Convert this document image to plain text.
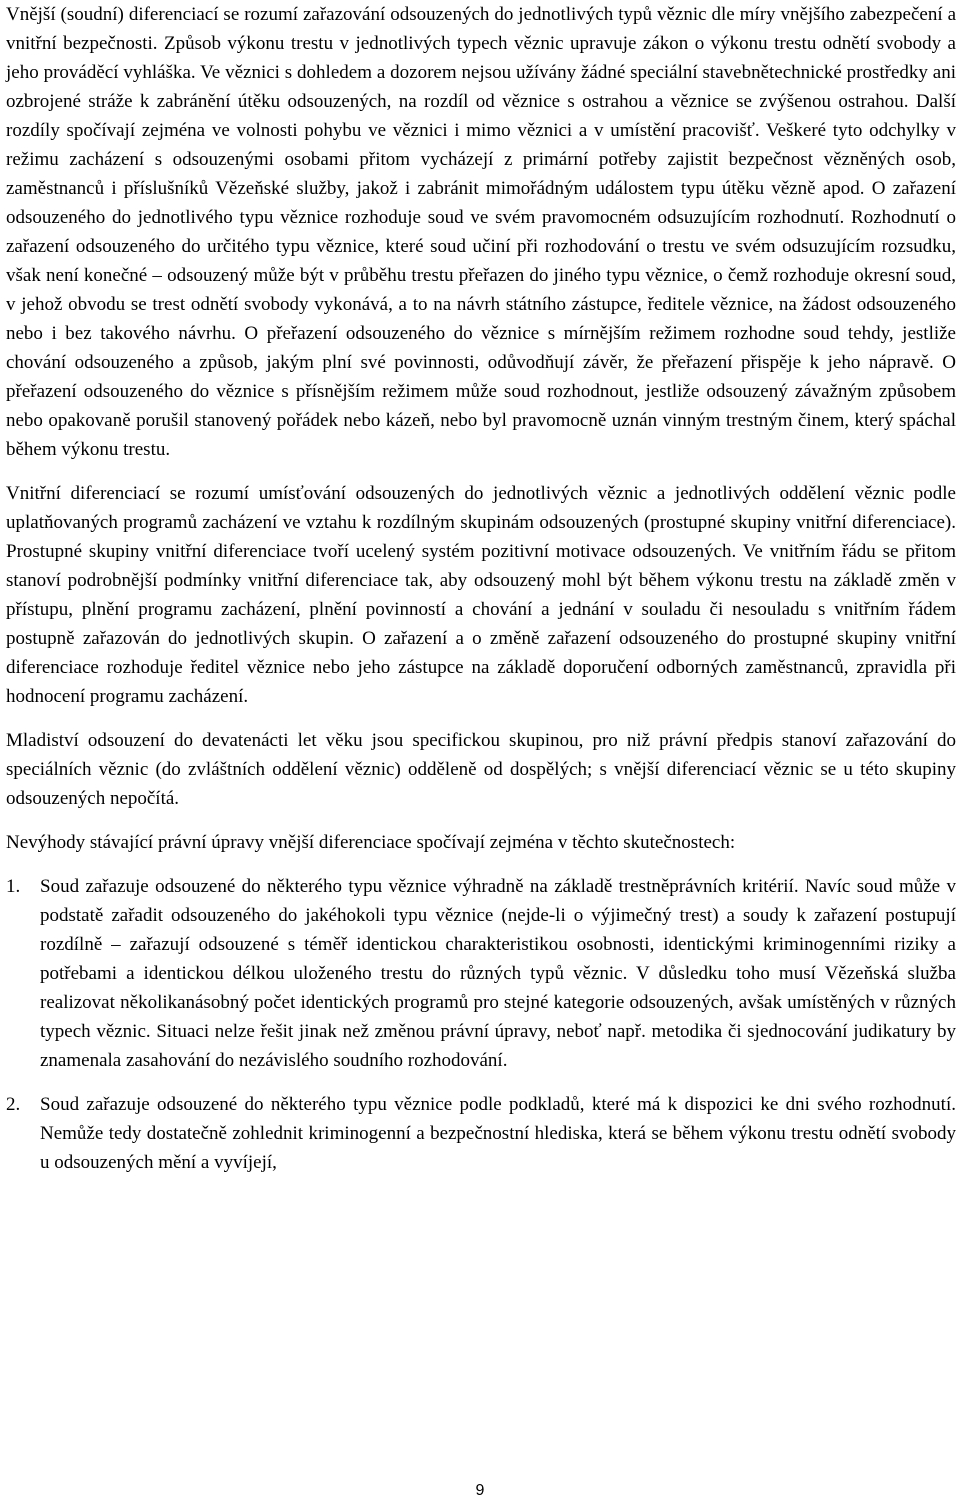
Vnější (soudní) diferenciací se rozumí zařazování odsouzených do jednotlivých typů věznic dle míry vnějšího zabezpečení a vnitřní bezpečnosti. Způsob výkonu trestu v jednotlivých typech věznic upravuje zákon o výkonu trestu odnětí svobody a jeho prováděcí vyhláška. Ve věznici s dohledem a dozorem nejsou užívány žádné speciální stavebnětechnické prostředky ani ozbrojené stráže k zabránění útěku odsouzených, na rozdíl od věznice s ostrahou a věznice se zvýšenou ostrahou. Další rozdíly spočívají zejména ve volnosti pohybu ve věznici i mimo věznici a v umístění pracovišť. Veškeré tyto odchylky v režimu zacházení s odsouzenými osobami přitom vycházejí z primární potřeby zajistit bezpečnost vězněných osob, zaměstnanců i příslušníků Vězeňské služby, jakož i zabránit mimořádným událostem typu útěku vězně apod. O zařazení odsouzeného do jednotlivého typu věznice rozhoduje soud ve svém pravomocném odsuzujícím rozhodnutí. Rozhodnutí o zařazení odsouzeného do určitého typu věznice, které soud učiní při rozhodování o trestu ve svém odsuzujícím rozsudku, však není konečné – odsouzený může být v průběhu trestu přeřazen do jiného typu věznice, o čemž rozhoduje okresní soud, v jehož obvodu se trest odnětí svobody vykonává, a to na návrh státního zástupce, ředitele věznice, na žádost odsouzeného nebo i bez takového návrhu. O přeřazení odsouzeného do věznice s mírnějším režimem rozhodne soud tehdy, jestliže chování odsouzeného a způsob, jakým plní své povinnosti, odůvodňují závěr, že přeřazení přispěje k jeho nápravě. O přeřazení odsouzeného do věznice s přísnějším režimem může soud rozhodnout, jestliže odsouzený závažným způsobem nebo opakovaně porušil stanovený pořádek nebo kázeň, nebo byl pravomocně uznán vinným trestným činem, který spáchal během výkonu trestu.

Vnitřní diferenciací se rozumí umísťování odsouzených do jednotlivých věznic a jednotlivých oddělení věznic podle uplatňovaných programů zacházení ve vztahu k rozdílným skupinám odsouzených (prostupné skupiny vnitřní diferenciace). Prostupné skupiny vnitřní diferenciace tvoří ucelený systém pozitivní motivace odsouzených. Ve vnitřním řádu se přitom stanoví podrobnější podmínky vnitřní diferenciace tak, aby odsouzený mohl být během výkonu trestu na základě změn v přístupu, plnění programu zacházení, plnění povinností a chování a jednání v souladu či nesouladu s vnitřním řádem postupně zařazován do jednotlivých skupin. O zařazení a o změně zařazení odsouzeného do prostupné skupiny vnitřní diferenciace rozhoduje ředitel věznice nebo jeho zástupce na základě doporučení odborných zaměstnanců, zpravidla při hodnocení programu zacházení.

Mladiství odsouzení do devatenácti let věku jsou specifickou skupinou, pro niž právní předpis stanoví zařazování do speciálních věznic (do zvláštních oddělení věznic) odděleně od dospělých; s vnější diferenciací věznic se u této skupiny odsouzených nepočítá.

Nevýhody stávající právní úpravy vnější diferenciace spočívají zejména v těchto skutečnostech:

1.	Soud zařazuje odsouzené do některého typu věznice výhradně na základě trestněprávních kritérií. Navíc soud může v podstatě zařadit odsouzeného do jakéhokoli typu věznice (nejde-li o výjimečný trest) a soudy k zařazení postupují rozdílně – zařazují odsouzené s téměř identickou charakteristikou osobnosti, identickými kriminogenními riziky a potřebami a identickou délkou uloženého trestu do různých typů věznic. V důsledku toho musí Vězeňská služba realizovat několikanásobný počet identických programů pro stejné kategorie odsouzených, avšak umístěných v různých typech věznic. Situaci nelze řešit jinak než změnou právní úpravy, neboť např. metodika či sjednocování judikatury by znamenala zasahování do nezávislého soudního rozhodování.
2.	Soud zařazuje odsouzené do některého typu věznice podle podkladů, které má k dispozici ke dni svého rozhodnutí. Nemůže tedy dostatečně zohlednit kriminogenní a bezpečnostní hlediska, která se během výkonu trestu odnětí svobody u odsouzených mění a vyvíjejí,
9
